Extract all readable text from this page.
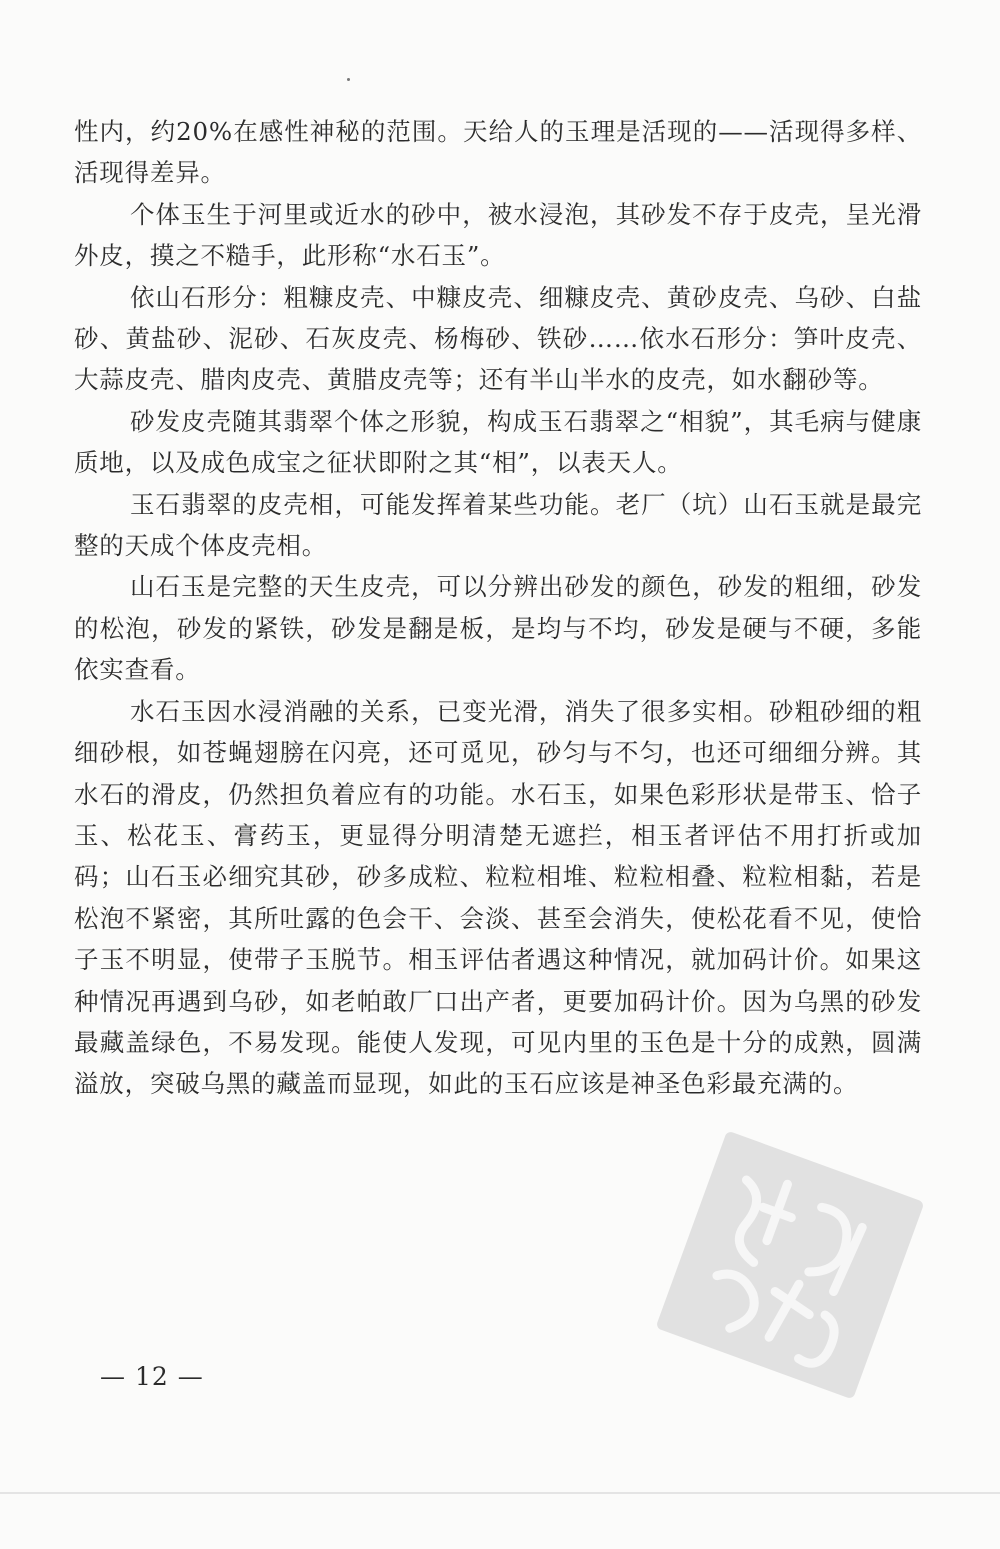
性内，约20%在感性神秘的范围。天给人的玉理是活现的——活现得多样、活现得差异。

个体玉生于河里或近水的砂中，被水浸泡，其砂发不存于皮壳，呈光滑外皮，摸之不糙手，此形称“水石玉”。

依山石形分：粗糠皮壳、中糠皮壳、细糠皮壳、黄砂皮壳、乌砂、白盐砂、黄盐砂、泥砂、石灰皮壳、杨梅砂、铁砂……依水石形分：笋叶皮壳、大蒜皮壳、腊肉皮壳、黄腊皮壳等；还有半山半水的皮壳，如水翻砂等。

砂发皮壳随其翡翠个体之形貌，构成玉石翡翠之“相貌”，其毛病与健康质地，以及成色成宝之征状即附之其“相”，以表天人。

玉石翡翠的皮壳相，可能发挥着某些功能。老厂（坑）山石玉就是最完整的天成个体皮壳相。

山石玉是完整的天生皮壳，可以分辨出砂发的颜色，砂发的粗细，砂发的松泡，砂发的紧铁，砂发是翻是板，是均与不均，砂发是硬与不硬，多能依实查看。

水石玉因水浸消融的关系，已变光滑，消失了很多实相。砂粗砂细的粗细砂根，如苍蝇翅膀在闪亮，还可觅见，砂匀与不匀，也还可细细分辨。其水石的滑皮，仍然担负着应有的功能。水石玉，如果色彩形状是带玉、恰子玉、松花玉、膏药玉，更显得分明清楚无遮拦，相玉者评估不用打折或加码；山石玉必细究其砂，砂多成粒、粒粒相堆、粒粒相叠、粒粒相黏，若是松泡不紧密，其所吐露的色会干、会淡、甚至会消失，使松花看不见，使恰子玉不明显，使带子玉脱节。相玉评估者遇这种情况，就加码计价。如果这种情况再遇到乌砂，如老帕敢厂口出产者，更要加码计价。因为乌黑的砂发最藏盖绿色，不易发现。能使人发现，可见内里的玉色是十分的成熟，圆满溢放，突破乌黑的藏盖而显现，如此的玉石应该是神圣色彩最充满的。

— 12 —
